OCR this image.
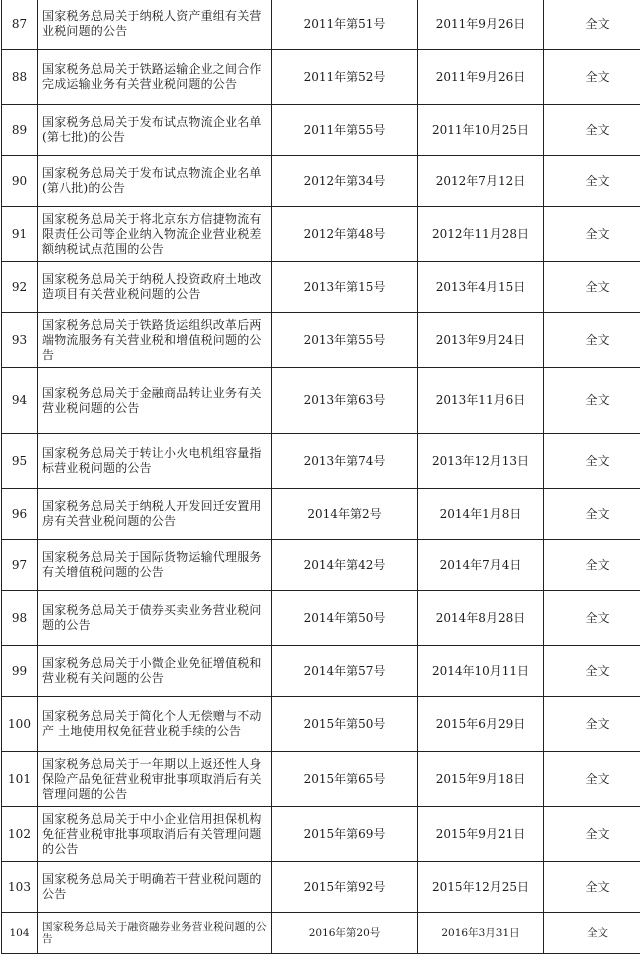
87	国家税务总局关于纳税人资产重组有关营业税问题的公告	2011年第51号	2011年9月26日	全文
88	国家税务总局关于铁路运输企业之间合作完成运输业务有关营业税问题的公告	2011年第52号	2011年9月26日	全文
89	国家税务总局关于发布试点物流企业名单(第七批)的公告	2011年第55号	2011年10月25日	全文
90	国家税务总局关于发布试点物流企业名单(第八批)的公告	2012年第34号	2012年7月12日	全文
91	国家税务总局关于将北京东方信捷物流有限责任公司等企业纳入物流企业营业税差额纳税试点范围的公告	2012年第48号	2012年11月28日	全文
92	国家税务总局关于纳税人投资政府土地改造项目有关营业税问题的公告	2013年第15号	2013年4月15日	全文
93	国家税务总局关于铁路货运组织改革后两端物流服务有关营业税和增值税问题的公告	2013年第55号	2013年9月24日	全文
94	国家税务总局关于金融商品转让业务有关营业税问题的公告	2013年第63号	2013年11月6日	全文
95	国家税务总局关于转让小火电机组容量指标营业税问题的公告	2013年第74号	2013年12月13日	全文
96	国家税务总局关于纳税人开发回迁安置用房有关营业税问题的公告	2014年第2号	2014年1月8日	全文
97	国家税务总局关于国际货物运输代理服务有关增值税问题的公告	2014年第42号	2014年7月4日	全文
98	国家税务总局关于债券买卖业务营业税问题的公告	2014年第50号	2014年8月28日	全文
99	国家税务总局关于小微企业免征增值税和营业税有关问题的公告	2014年第57号	2014年10月11日	全文
100	国家税务总局关于简化个人无偿赠与不动产 土地使用权免征营业税手续的公告	2015年第50号	2015年6月29日	全文
101	国家税务总局关于一年期以上返还性人身保险产品免征营业税审批事项取消后有关管理问题的公告	2015年第65号	2015年9月18日	全文
102	国家税务总局关于中小企业信用担保机构免征营业税审批事项取消后有关管理问题的公告	2015年第69号	2015年9月21日	全文
103	国家税务总局关于明确若干营业税问题的公告	2015年第92号	2015年12月25日	全文
104	国家税务总局关于融资融券业务营业税问题的公告	2016年第20号	2016年3月31日	全文
